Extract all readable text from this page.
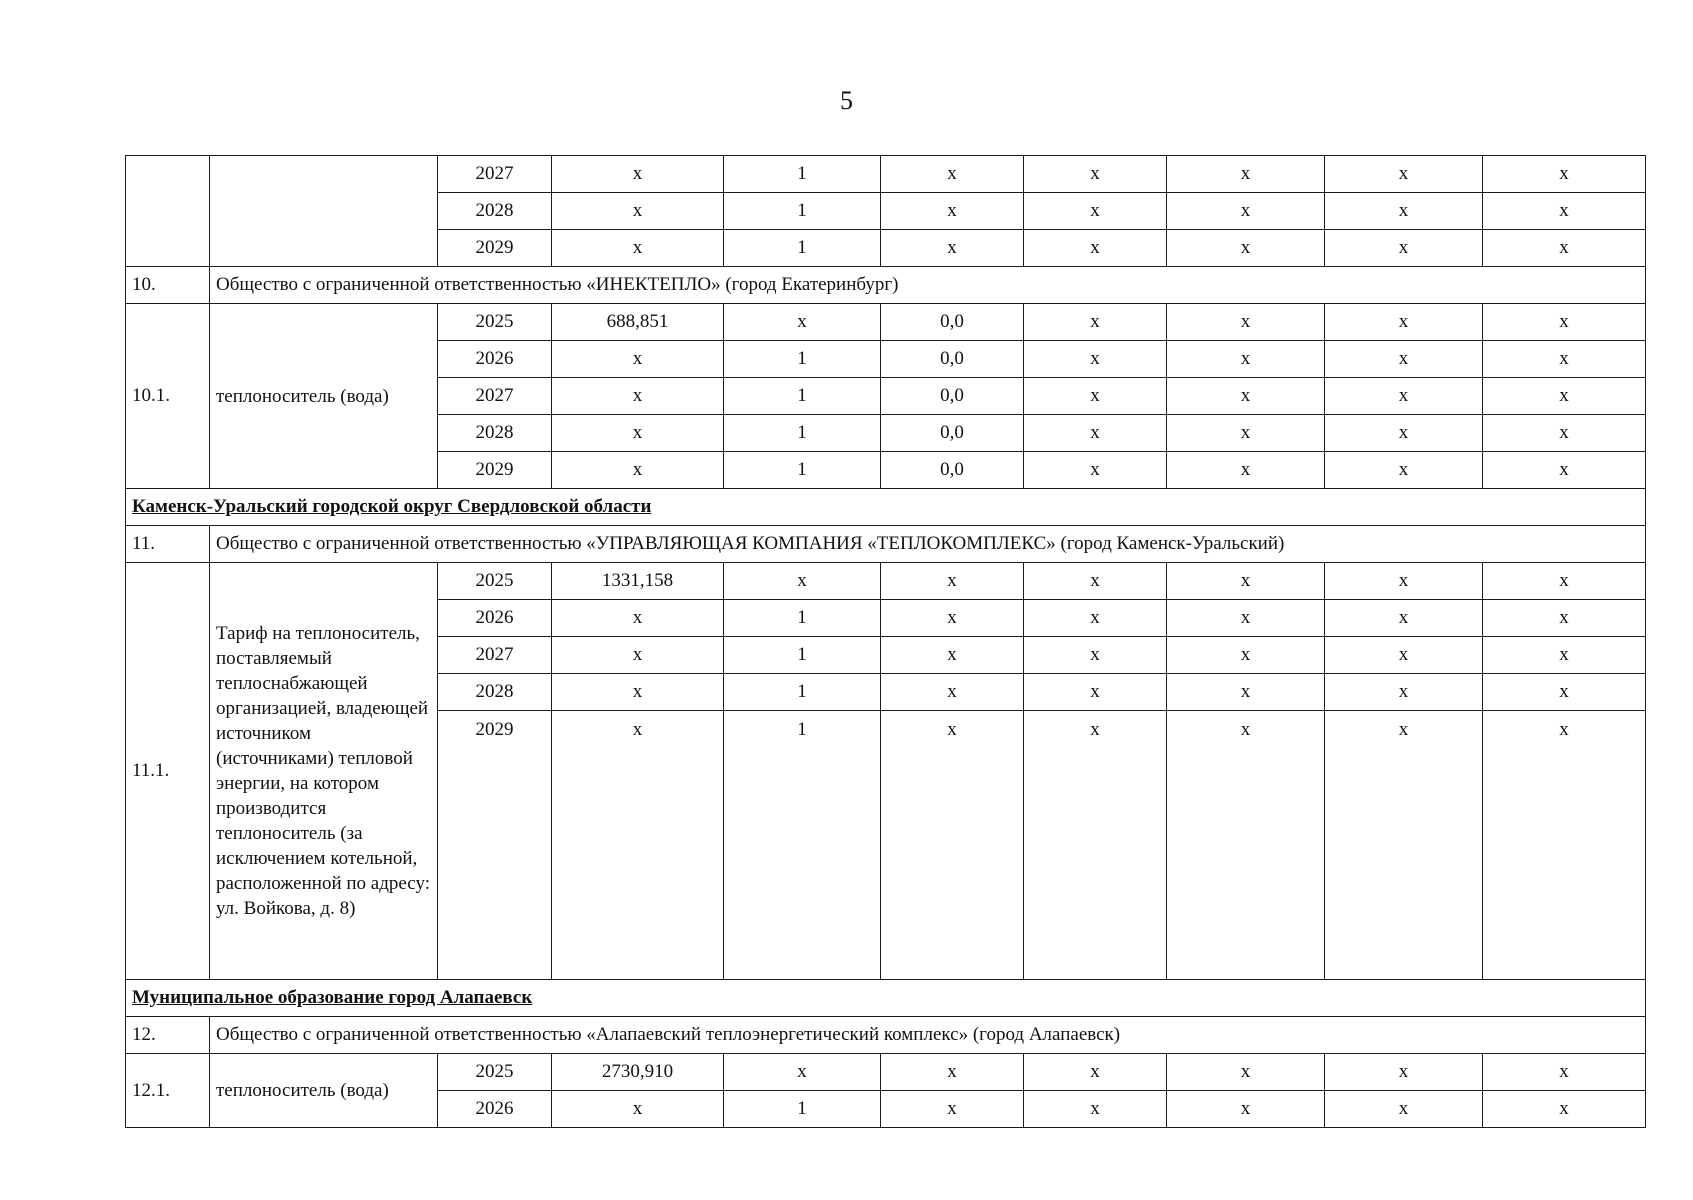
5
		2027	x	1	x	x	x	x	x
		2028	x	1	x	x	x	x	x
		2029	x	1	x	x	x	x	x
10.	Общество с ограниченной ответственностью «ИНЕКТЕПЛО» (город Екатеринбург)								
10.1.	теплоноситель (вода)	2025	688,851	x	0,0	x	x	x	x
		2026	x	1	0,0	x	x	x	x
		2027	x	1	0,0	x	x	x	x
		2028	x	1	0,0	x	x	x	x
		2029	x	1	0,0	x	x	x	x
Каменск-Уральский городской округ Свердловской области									
11.	Общество с ограниченной ответственностью «УПРАВЛЯЮЩАЯ КОМПАНИЯ «ТЕПЛОКОМПЛЕКС» (город Каменск-Уральский)								
11.1.	Тариф на теплоноситель, поставляемый теплоснабжающей организацией, владеющей источником (источниками) тепловой энергии, на котором производится теплоноситель (за исключением котельной, расположенной по адресу: ул. Войкова, д. 8)	2025	1331,158	x	x	x	x	x	x
		2026	x	1	x	x	x	x	x
		2027	x	1	x	x	x	x	x
		2028	x	1	x	x	x	x	x
		2029	x	1	x	x	x	x	x
Муниципальное образование город Алапаевск									
12.	Общество с ограниченной ответственностью «Алапаевский теплоэнергетический комплекс» (город Алапаевск)								
12.1.	теплоноситель (вода)	2025	2730,910	x	x	x	x	x	x
		2026	x	1	x	x	x	x	x
